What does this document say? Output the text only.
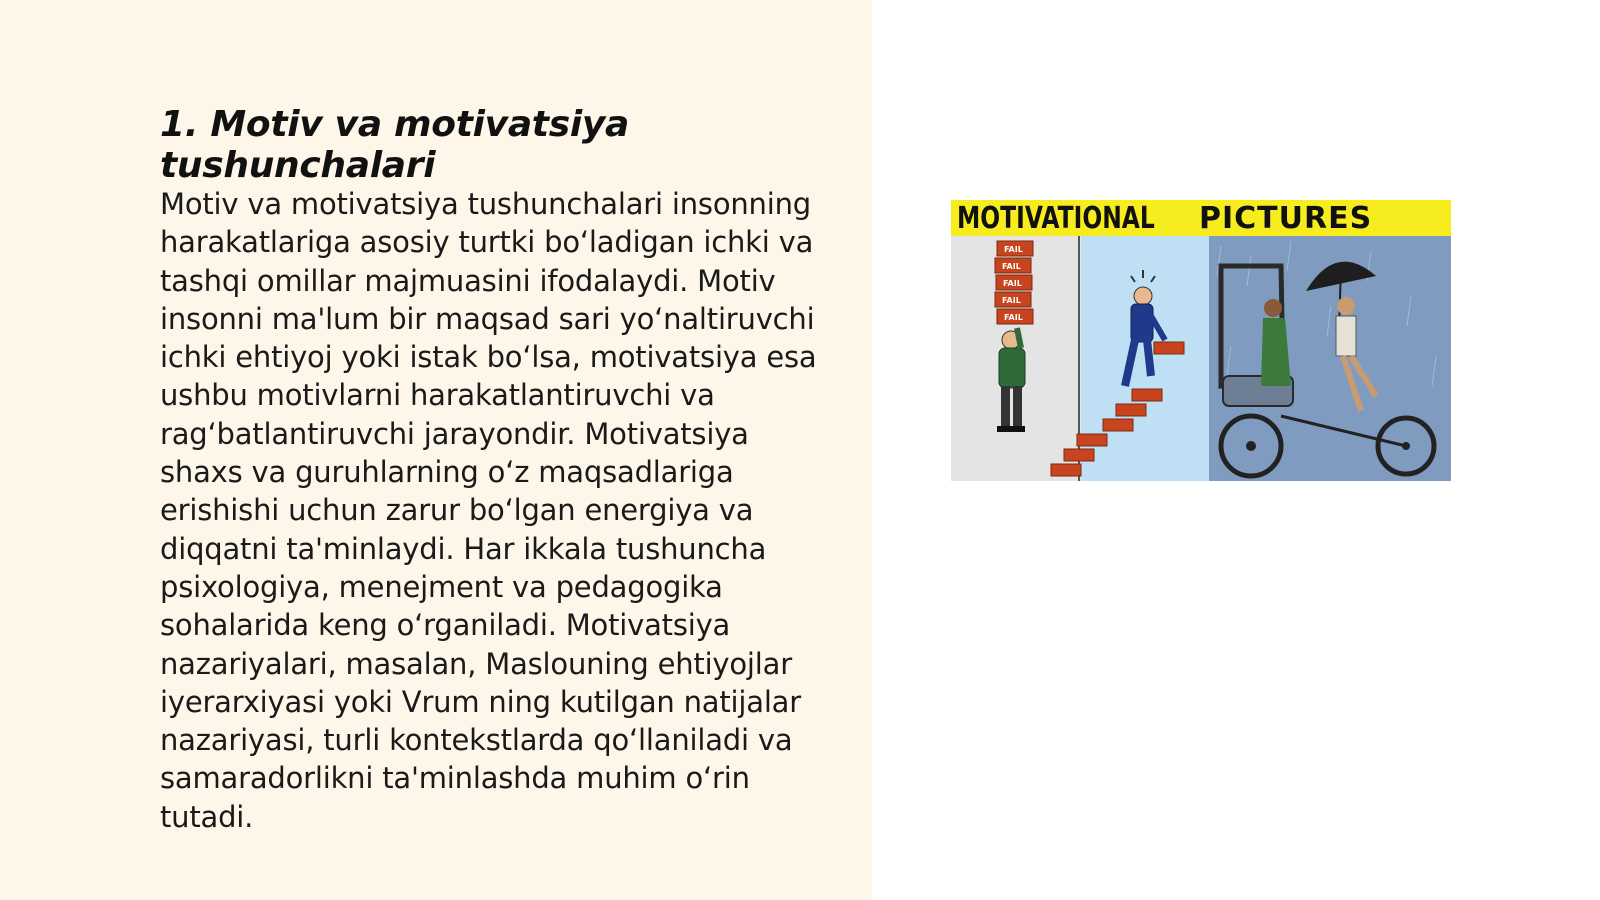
1. Motiv va motivatsiya tushunchalari

Motiv va motivatsiya tushunchalari insonning harakatlariga asosiy turtki bo‘ladigan ichki va tashqi omillar majmuasini ifodalaydi. Motiv insonni ma'lum bir maqsad sari yo‘naltiruvchi ichki ehtiyoj yoki istak bo‘lsa, motivatsiya esa ushbu motivlarni harakatlantiruvchi va rag‘batlantiruvchi jarayondir. Motivatsiya shaxs va guruhlarning o‘z maqsadlariga erishishi uchun zarur bo‘lgan energiya va diqqatni ta'minlaydi. Har ikkala tushuncha psixologiya, menejment va pedagogika sohalarida keng o‘rganiladi. Motivatsiya nazariyalari, masalan, Maslouning ehtiyojlar iyerarxiyasi yoki Vrum ning kutilgan natijalar nazariyasi, turli kontekstlarda qo‘llaniladi va samaradorlikni ta'minlashda muhim o‘rin tutadi.

MOTIVATIONAL PICTURES
FAIL
FAIL
FAIL
FAIL
FAIL
